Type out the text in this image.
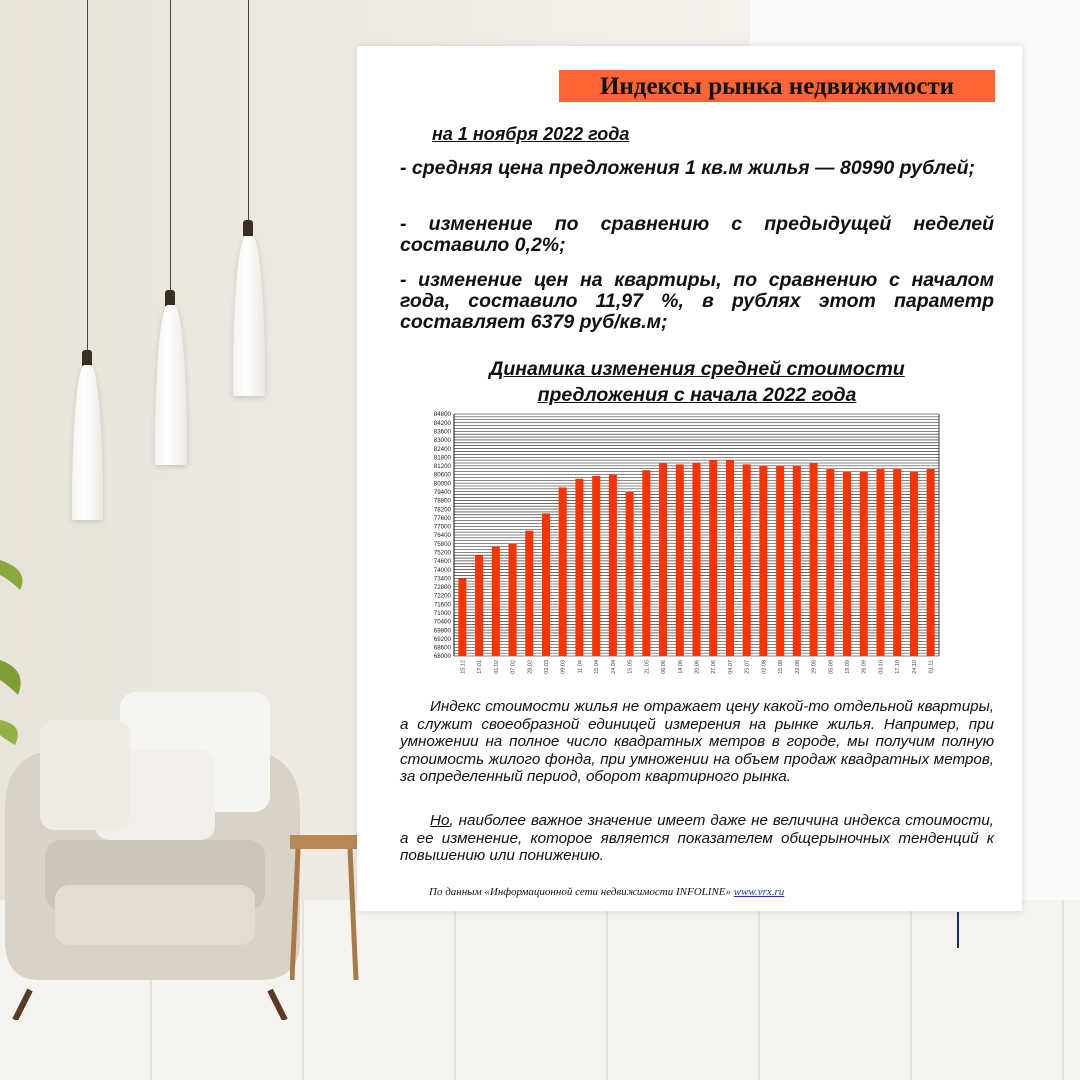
Индексы рынка недвижимости
на 1 ноября 2022 года
- средняя цена предложения 1 кв.м жилья — 80990 рублей;
- изменение по сравнению с предыдущей неделей составило 0,2%;
- изменение цен на квартиры, по сравнению с началом года, составило 11,97 %, в рублях этот параметр составляет 6379 руб/кв.м;
Динамика изменения средней стоимости
предложения с начала 2022 года
68000
68600
69200
69800
70400
71000
71600
72200
72800
73400
74000
74600
75200
75800
76400
77000
77600
78200
78800
79400
80000
80600
81200
81800
82400
83000
83600
84200
84800
15.12 17.01 01.02 07.02 28.02 02.03 09.03 11.04 15.04 24.04 15.05 21.05 06.06 14.06 20.06 27.06 04.07 25.07 02.08 15.08 22.08 29.08 05.09 19.09 26.09 03.10 17.10 24.10 01.11
Индекс стоимости жилья не отражает цену какой-то отдельной квартиры, а служит своеобразной единицей измерения на рынке жилья. Например, при умножении на полное число квадратных метров в городе, мы получим полную стоимость жилого фонда, при умножении на объем продаж квадратных метров, за определенный период, оборот квартирного рынка.
Но, наиболее важное значение имеет даже не величина индекса стоимости, а ее изменение, которое является показателем общерыночных тенденций к повышению или понижению.
По данным «Информационной сети недвижимости INFOLINE» www.vrx.ru
